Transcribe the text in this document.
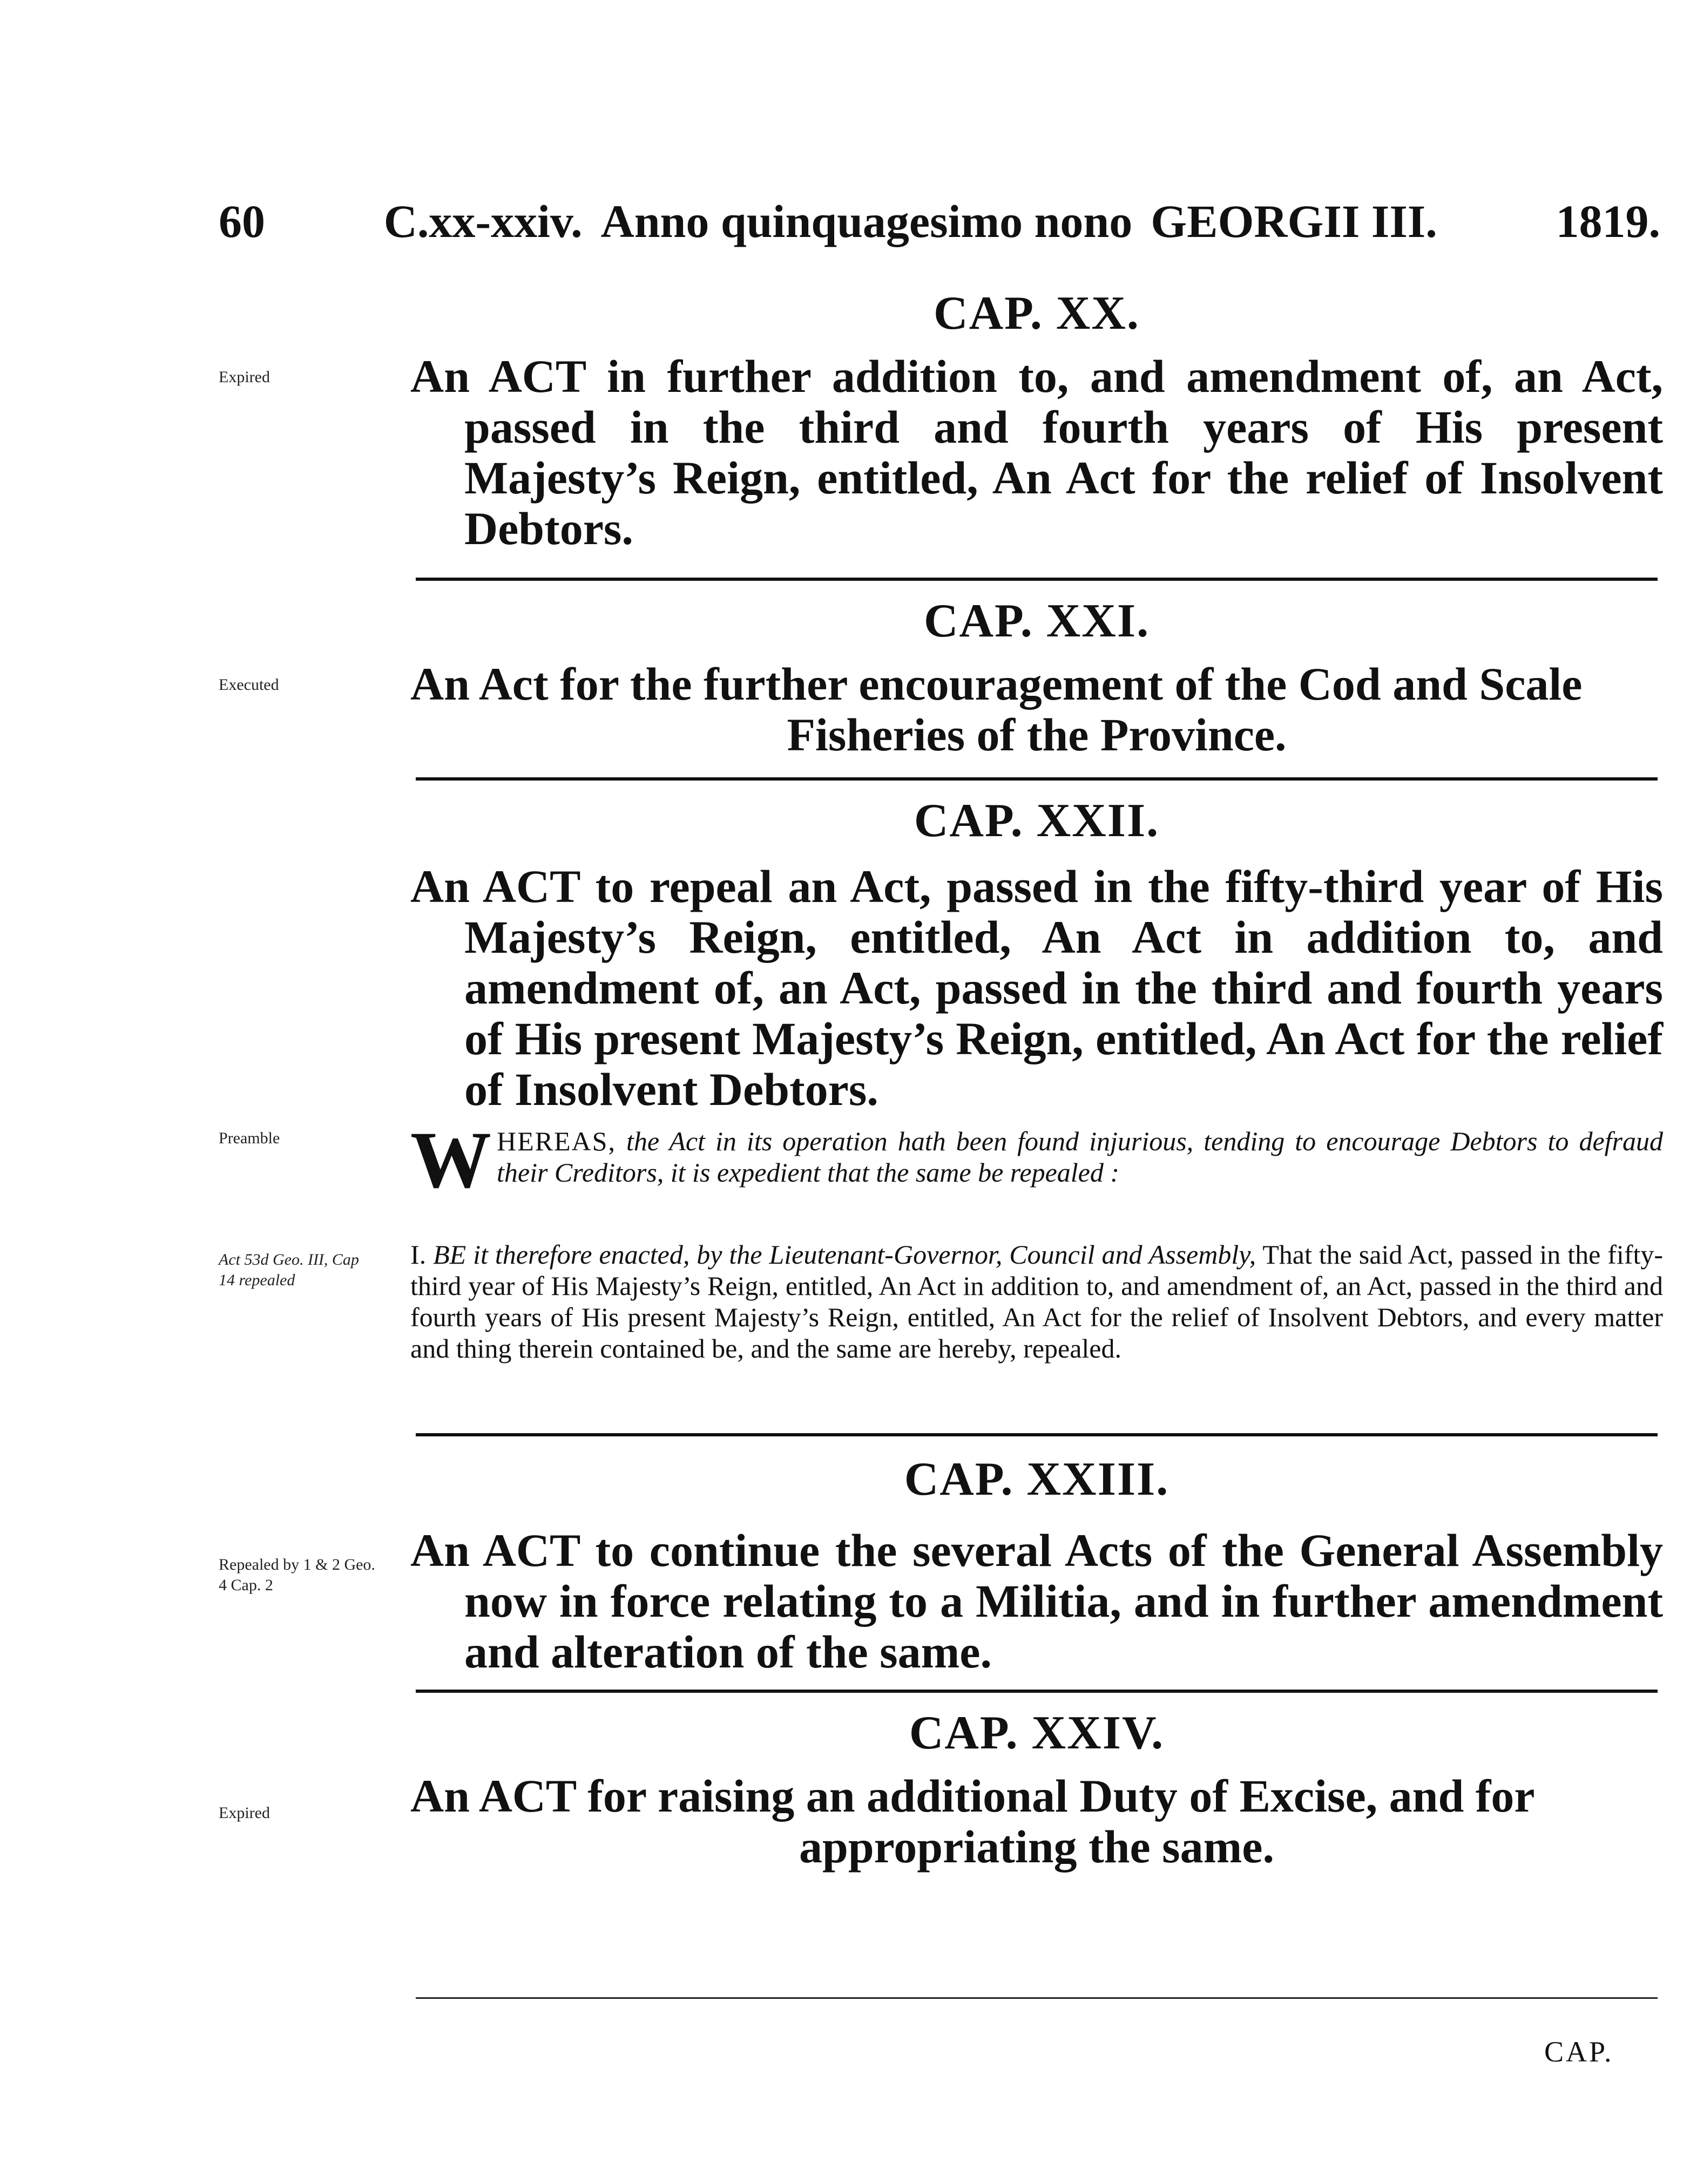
60	C.xx-xxiv. Anno quinquagesimo nono GEORGII III.	1819.
CAP. XX.
Expired	An ACT in further addition to, and amendment of, an Act, passed in the third and fourth years of His present Majesty’s Reign, entitled, An Act for the relief of Insolvent Debtors.
CAP. XXI.
Executed	An Act for the further encouragement of the Cod and Scale
Fisheries of the Province.
CAP. XXII.
An ACT to repeal an Act, passed in the fifty-third year of His Majesty’s Reign, entitled, An Act in addition to, and amendment of, an Act, passed in the third and fourth years of His present Majesty’s Reign, entitled, An Act for the relief of Insolvent Debtors.
Preamble	WHEREAS, the Act in its operation hath been found injurious, tending to encourage Debtors to defraud their Creditors, it is expedient that the same be repealed :
Act 53d Geo. III, Cap 14 repealed
I. BE it therefore enacted, by the Lieutenant-Governor, Council and Assembly, That the said Act, passed in the fifty-third year of His Majesty’s Reign, entitled, An Act in addition to, and amendment of, an Act, passed in the third and fourth years of His present Majesty’s Reign, entitled, An Act for the relief of Insolvent Debtors, and every matter and thing therein contained be, and the same are hereby, repealed.
CAP. XXIII.
Repealed by 1 & 2 Geo. 4 Cap. 2
An ACT to continue the several Acts of the General Assembly now in force relating to a Militia, and in further amendment and alteration of the same.
CAP. XXIV.
Expired	An ACT for raising an additional Duty of Excise, and for
appropriating the same.
CAP.
